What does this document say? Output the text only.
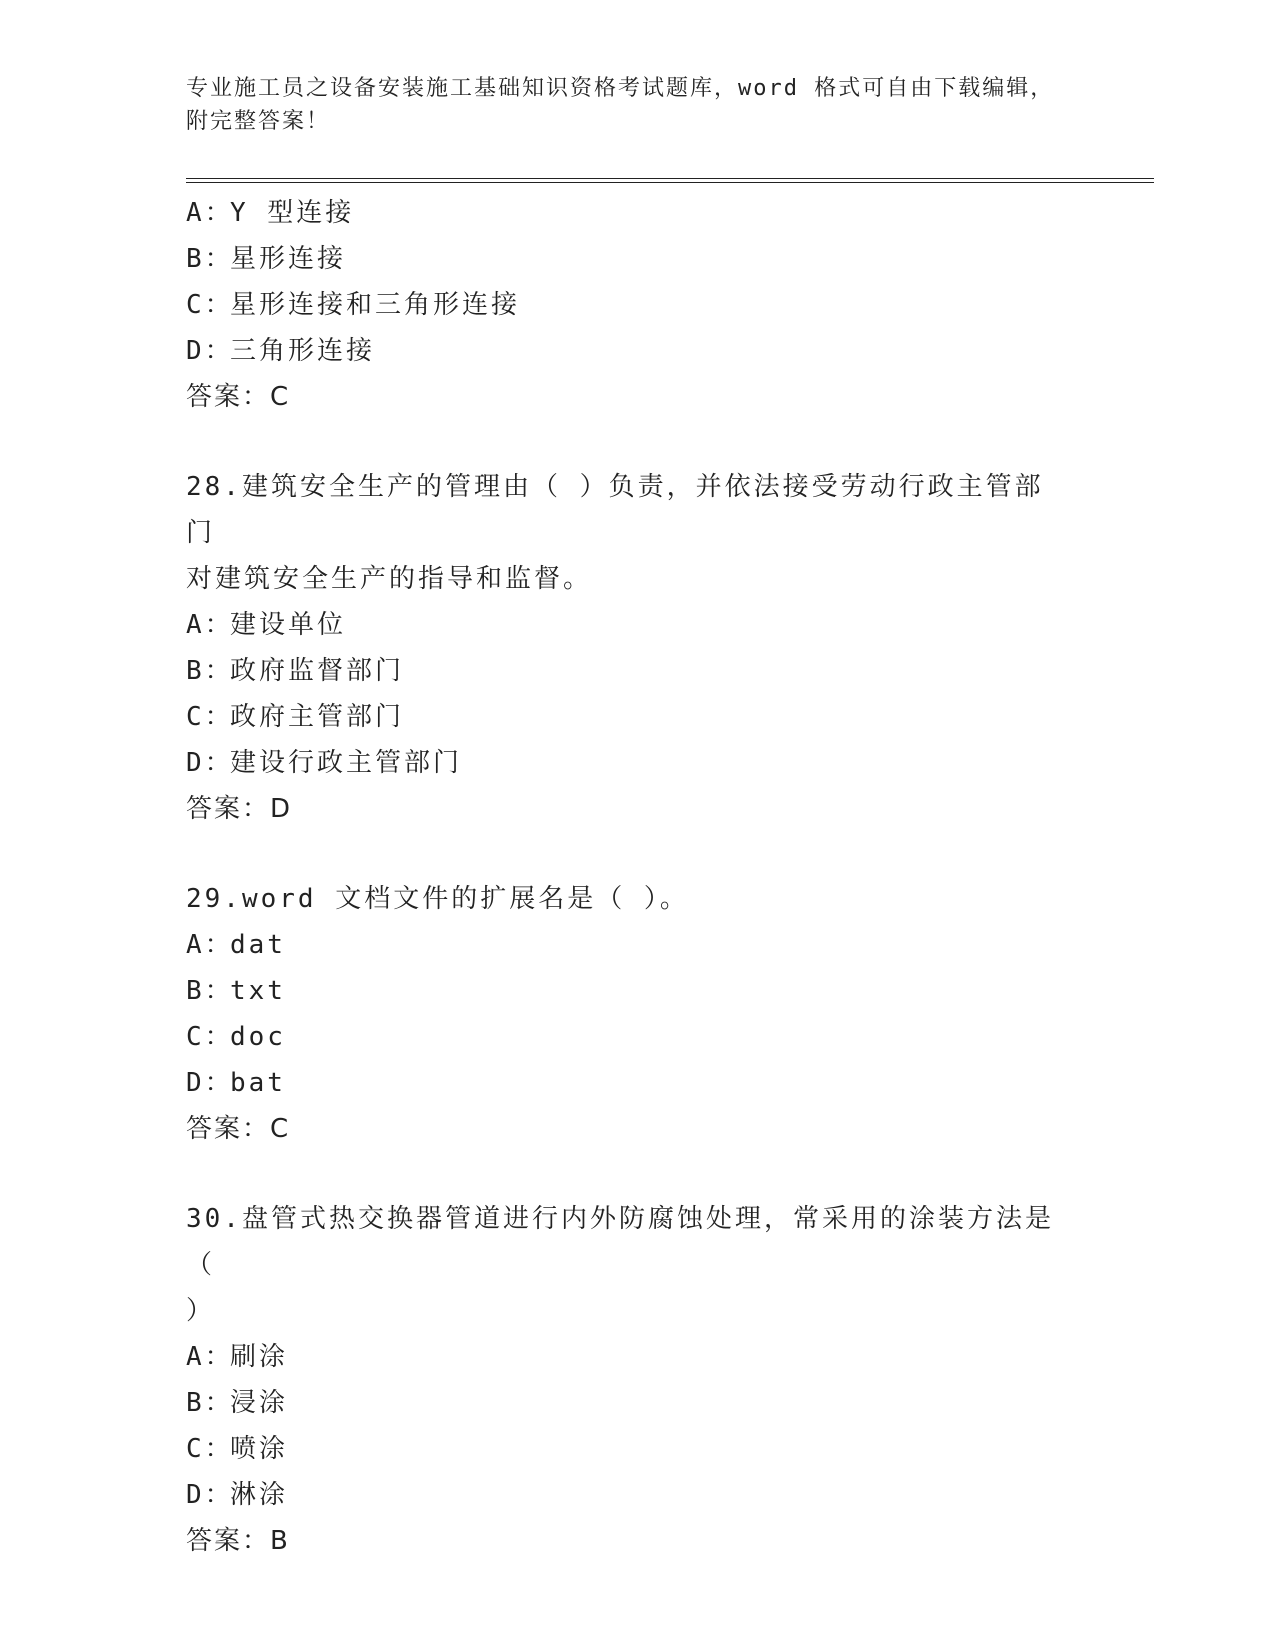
专业施工员之设备安装施工基础知识资格考试题库，word 格式可自由下载编辑，
附完整答案！
A：Y 型连接
B：星形连接
C：星形连接和三角形连接
D：三角形连接
答案：C
28.建筑安全生产的管理由（ ）负责，并依法接受劳动行政主管部门
对建筑安全生产的指导和监督。
A：建设单位
B：政府监督部门
C：政府主管部门
D：建设行政主管部门
答案：D
29.word 文档文件的扩展名是（ ）。
A：dat
B：txt
C：doc
D：bat
答案：C
30.盘管式热交换器管道进行内外防腐蚀处理，常采用的涂装方法是（
）
A：刷涂
B：浸涂
C：喷涂
D：淋涂
答案：B
